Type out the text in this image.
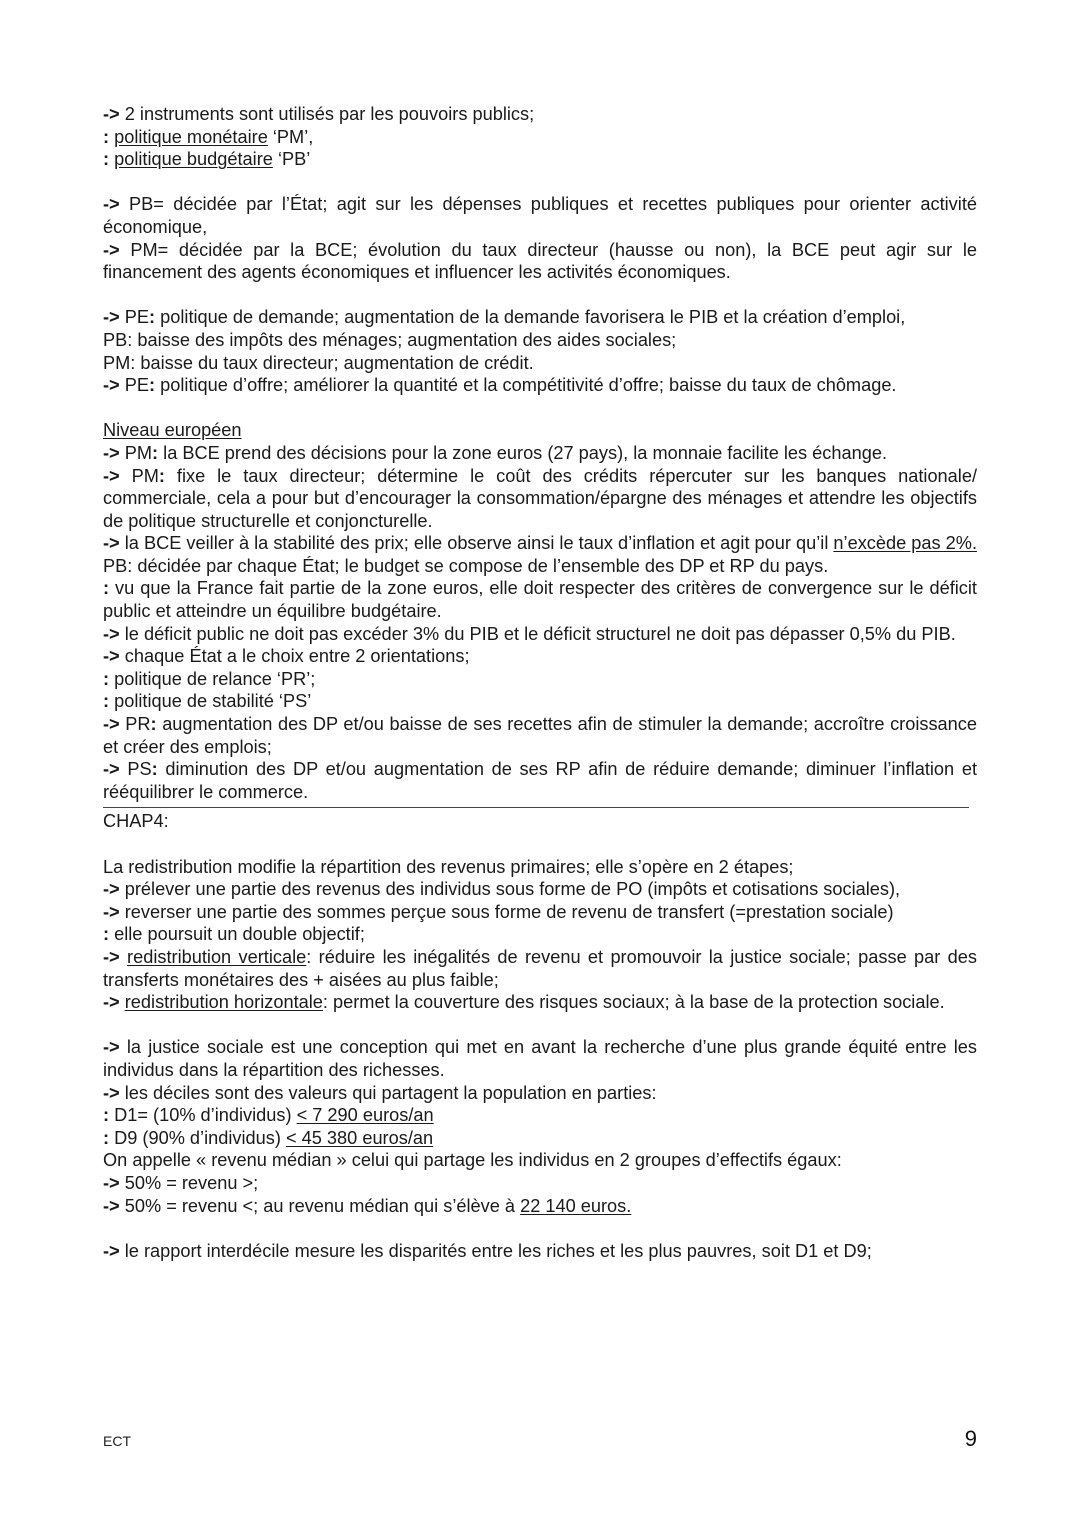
-> 2 instruments sont utilisés par les pouvoirs publics;

: politique monétaire ‘PM’,

: politique budgétaire ‘PB’

-> PB= décidée par l’État; agit sur les dépenses publiques et recettes publiques pour orienter activité économique,

-> PM= décidée par la BCE; évolution du taux directeur (hausse ou non), la BCE peut agir sur le financement des agents économiques et influencer les activités économiques.

-> PE: politique de demande; augmentation de la demande favorisera le PIB et la création d’emploi,

PB: baisse des impôts des ménages; augmentation des aides sociales;

PM: baisse du taux directeur; augmentation de crédit.

-> PE: politique d’offre; améliorer la quantité et la compétitivité d’offre; baisse du taux de chômage.

Niveau européen

-> PM: la BCE prend des décisions pour la zone euros (27 pays), la monnaie facilite les échange.

-> PM: fixe le taux directeur; détermine le coût des crédits répercuter sur les banques nationale/ commerciale, cela a pour but d’encourager la consommation/épargne des ménages et attendre les objectifs de politique structurelle et conjoncturelle.

-> la BCE veiller à la stabilité des prix; elle observe ainsi le taux d’inflation et agit pour qu’il n’excède pas 2%.

PB: décidée par chaque État; le budget se compose de l’ensemble des DP et RP du pays.

: vu que la France fait partie de la zone euros, elle doit respecter des critères de convergence sur le déficit public et atteindre un équilibre budgétaire.

-> le déficit public ne doit pas excéder 3% du PIB et le déficit structurel ne doit pas dépasser 0,5% du PIB.

-> chaque État a le choix entre 2 orientations;

: politique de relance ‘PR’;

: politique de stabilité ‘PS’

-> PR: augmentation des DP et/ou baisse de ses recettes afin de stimuler la demande; accroître croissance et créer des emplois;

-> PS: diminution des DP et/ou augmentation de ses RP afin de réduire demande; diminuer l’inflation et rééquilibrer le commerce.

CHAP4:

La redistribution modifie la répartition des revenus primaires; elle s’opère en 2 étapes;

-> prélever une partie des revenus des individus sous forme de PO (impôts et cotisations sociales),

-> reverser une partie des sommes perçue sous forme de revenu de transfert (=prestation sociale)

: elle poursuit un double objectif;

-> redistribution verticale: réduire les inégalités de revenu et promouvoir la justice sociale; passe par des transferts monétaires des + aisées au plus faible;

-> redistribution horizontale: permet la couverture des risques sociaux; à la base de la protection sociale.

-> la justice sociale est une conception qui met en avant la recherche d’une plus grande équité entre les individus dans la répartition des richesses.

-> les déciles sont des valeurs qui partagent la population en parties:

: D1= (10% d’individus) < 7 290 euros/an

: D9 (90% d’individus) < 45 380 euros/an

On appelle « revenu médian » celui qui partage les individus en 2 groupes d’effectifs égaux:

-> 50% = revenu >;

-> 50% = revenu <; au revenu médian qui s’élève à 22 140 euros.

-> le rapport interdécile mesure les disparités entre les riches et les plus pauvres, soit D1 et D9;

ECT	9
